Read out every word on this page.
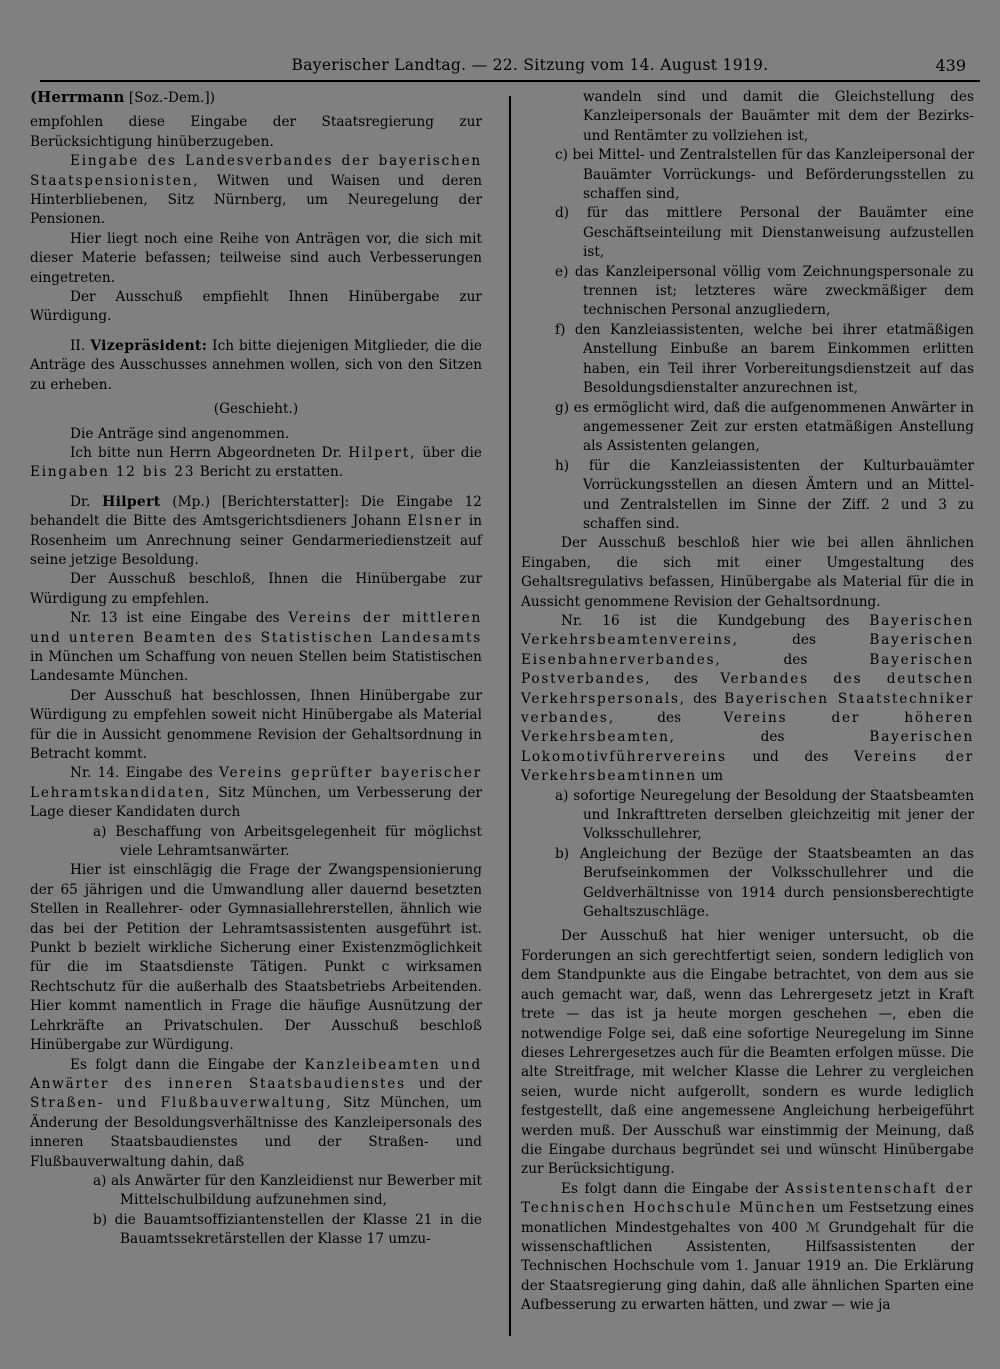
Bayerischer Landtag. — 22. Sitzung vom 14. August 1919.	439

(Herrmann [Soz.-Dem.])

empfohlen diese Eingabe der Staatsregierung zur Berücksichtigung hinüberzugeben.

Eingabe des Landesverbandes der bayerischen Staatspensionisten, Witwen und Waisen und deren Hinterbliebenen, Sitz Nürnberg, um Neuregelung der Pensionen.

Hier liegt noch eine Reihe von Anträgen vor, die sich mit dieser Materie befassen; teilweise sind auch Verbesserungen eingetreten.

Der Ausschuß empfiehlt Ihnen Hinübergabe zur Würdigung.

II. Vizepräsident: Ich bitte diejenigen Mitglieder, die die Anträge des Ausschusses annehmen wollen, sich von den Sitzen zu erheben.

(Geschieht.)

Die Anträge sind angenommen.

Ich bitte nun Herrn Abgeordneten Dr. Hilpert, über die Eingaben 12 bis 23 Bericht zu erstatten.

Dr. Hilpert (Mp.) [Berichterstatter]: Die Eingabe 12 behandelt die Bitte des Amtsgerichtsdieners Johann Elsner in Rosenheim um Anrechnung seiner Gendarmeriedienstzeit auf seine jetzige Besoldung.

Der Ausschuß beschloß, Ihnen die Hinübergabe zur Würdigung zu empfehlen.

Nr. 13 ist eine Eingabe des Vereins der mittleren und unteren Beamten des Statistischen Landesamts in München um Schaffung von neuen Stellen beim Statistischen Landesamte München.

Der Ausschuß hat beschlossen, Ihnen Hinübergabe zur Würdigung zu empfehlen soweit nicht Hinübergabe als Material für die in Aussicht genommene Revision der Gehaltsordnung in Betracht kommt.

Nr. 14. Eingabe des Vereins geprüfter bayerischer Lehramtskandidaten, Sitz München, um Verbesserung der Lage dieser Kandidaten durch

a) Beschaffung von Arbeitsgelegenheit für möglichst viele Lehramtsanwärter.

Hier ist einschlägig die Frage der Zwangspensionierung der 65 jährigen und die Umwandlung aller dauernd besetzten Stellen in Reallehrer- oder Gymnasiallehrerstellen, ähnlich wie das bei der Petition der Lehramtsassistenten ausgeführt ist. Punkt b bezielt wirkliche Sicherung einer Existenzmöglichkeit für die im Staatsdienste Tätigen. Punkt c wirksamen Rechtschutz für die außerhalb des Staatsbetriebs Arbeitenden. Hier kommt namentlich in Frage die häufige Ausnützung der Lehrkräfte an Privatschulen. Der Ausschuß beschloß Hinübergabe zur Würdigung.

Es folgt dann die Eingabe der Kanzleibeamten und Anwärter des inneren Staatsbaudienstes und der Straßen- und Flußbauverwaltung, Sitz München, um Änderung der Besoldungsverhältnisse des Kanzleipersonals des inneren Staatsbaudienstes und der Straßen- und Flußbauverwaltung dahin, daß

a) als Anwärter für den Kanzleidienst nur Bewerber mit Mittelschulbildung aufzunehmen sind,

b) die Bauamtsoffiziantenstellen der Klasse 21 in die Bauamtssekretärstellen der Klasse 17 umzu-

wandeln sind und damit die Gleichstellung des Kanzleipersonals der Bauämter mit dem der Bezirks- und Rentämter zu vollziehen ist,

c) bei Mittel- und Zentralstellen für das Kanzleipersonal der Bauämter Vorrückungs- und Beförderungsstellen zu schaffen sind,

d) für das mittlere Personal der Bauämter eine Geschäftseinteilung mit Dienstanweisung aufzustellen ist,

e) das Kanzleipersonal völlig vom Zeichnungspersonale zu trennen ist; letzteres wäre zweckmäßiger dem technischen Personal anzugliedern,

f) den Kanzleiassistenten, welche bei ihrer etatmäßigen Anstellung Einbuße an barem Einkommen erlitten haben, ein Teil ihrer Vorbereitungsdienstzeit auf das Besoldungsdienstalter anzurechnen ist,

g) es ermöglicht wird, daß die aufgenommenen Anwärter in angemessener Zeit zur ersten etatmäßigen Anstellung als Assistenten gelangen,

h) für die Kanzleiassistenten der Kulturbauämter Vorrückungsstellen an diesen Ämtern und an Mittel- und Zentralstellen im Sinne der Ziff. 2 und 3 zu schaffen sind.

Der Ausschuß beschloß hier wie bei allen ähnlichen Eingaben, die sich mit einer Umgestaltung des Gehaltsregulativs befassen, Hinübergabe als Material für die in Aussicht genommene Revision der Gehaltsordnung.

Nr. 16 ist die Kundgebung des Bayerischen Verkehrsbeamtenvereins,	des	Bayerischen Eisenbahnerverbandes,	des	Bayerischen Postverbandes, des Verbandes des deutschen Verkehrspersonals, des Bayerischen Staatstechniker verbandes,	des	Vereins der höheren Verkehrsbeamten,	des	Bayerischen Lokomotivführervereins und des Vereins der Verkehrsbeamtinnen um

a) sofortige Neuregelung der Besoldung der Staatsbeamten und Inkrafttreten derselben gleichzeitig mit jener der Volksschullehrer,

b) Angleichung der Bezüge der Staatsbeamten an das Berufseinkommen der Volksschullehrer und die Geldverhältnisse von 1914 durch pensionsberechtigte Gehaltszuschläge.

Der Ausschuß hat hier weniger untersucht, ob die Forderungen an sich gerechtfertigt seien, sondern lediglich von dem Standpunkte aus die Eingabe betrachtet, von dem aus sie auch gemacht war, daß, wenn das Lehrergesetz jetzt in Kraft trete — das ist ja heute morgen geschehen —, eben die notwendige Folge sei, daß eine sofortige Neuregelung im Sinne dieses Lehrergesetzes auch für die Beamten erfolgen müsse. Die alte Streitfrage, mit welcher Klasse die Lehrer zu vergleichen seien, wurde nicht aufgerollt, sondern es wurde lediglich festgestellt, daß eine angemessene Angleichung herbeigeführt werden muß. Der Ausschuß war einstimmig der Meinung, daß die Eingabe durchaus begründet sei und wünscht Hinübergabe zur Berücksichtigung.

Es folgt dann die Eingabe der Assistentenschaft der Technischen Hochschule München um Festsetzung eines monatlichen Mindestgehaltes von 400 ℳ Grundgehalt für die wissenschaftlichen Assistenten, Hilfsassistenten der Technischen Hochschule vom 1. Januar 1919 an. Die Erklärung der Staatsregierung ging dahin, daß alle ähnlichen Sparten eine Aufbesserung zu erwarten hätten, und zwar — wie ja
